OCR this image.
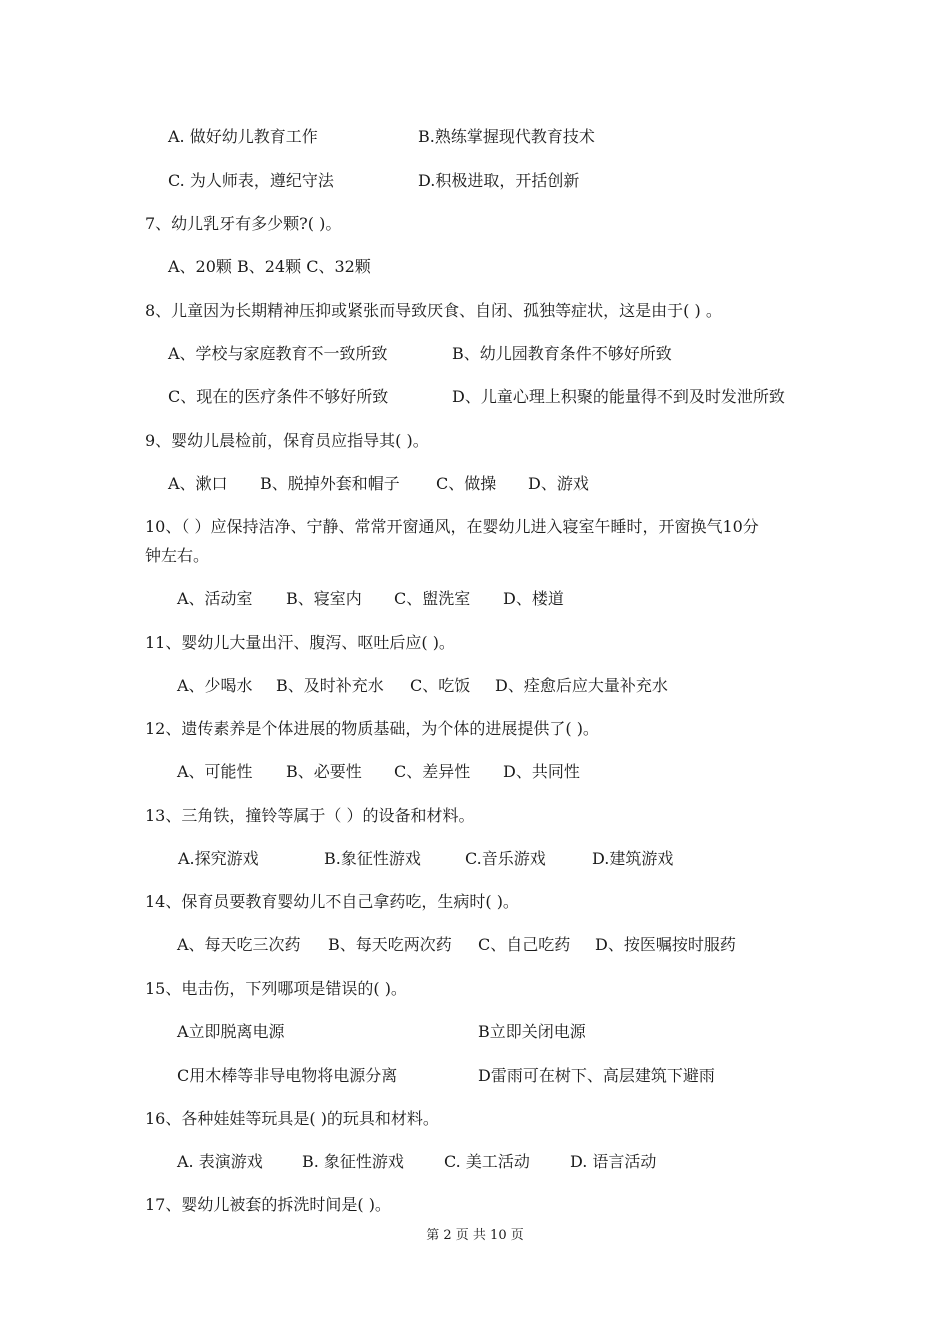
A. 做好幼儿教育工作	B.熟练掌握现代教育技术
C. 为人师表，遵纪守法	D.积极进取，开括创新
7、幼儿乳牙有多少颗?( )。
A、20颗 B、24颗 C、32颗
8、儿童因为长期精神压抑或紧张而导致厌食、自闭、孤独等症状，这是由于( ) 。
A、学校与家庭教育不一致所致	B、幼儿园教育条件不够好所致
C、现在的医疗条件不够好所致	D、儿童心理上积聚的能量得不到及时发泄所致
9、婴幼儿晨检前，保育员应指导其( )。
A、漱口 B、脱掉外套和帽子 C、做操 D、游戏
10、（ ）应保持洁净、宁静、常常开窗通风，在婴幼儿进入寝室午睡时，开窗换气10分
钟左右。
A、活动室 B、寝室内 C、盥洗室 D、楼道
11、婴幼儿大量出汗、腹泻、呕吐后应( )。
A、少喝水 B、及时补充水 C、吃饭 D、痊愈后应大量补充水
12、遗传素养是个体进展的物质基础，为个体的进展提供了( )。
A、可能性 B、必要性 C、差异性 D、共同性
13、三角铁，撞铃等属于（ ）的设备和材料。
A.探究游戏	B.象征性游戏	C.音乐游戏	D.建筑游戏
14、保育员要教育婴幼儿不自己拿药吃，生病时( )。
A、每天吃三次药 B、每天吃两次药 C、自己吃药 D、按医嘱按时服药
15、电击伤，下列哪项是错误的( )。
A立即脱离电源	B立即关闭电源
C用木棒等非导电物将电源分离	D雷雨可在树下、高层建筑下避雨
16、各种娃娃等玩具是( )的玩具和材料。
A. 表演游戏 B. 象征性游戏	C. 美工活动	D. 语言活动
17、婴幼儿被套的拆洗时间是( )。
第 2 页 共 10 页
